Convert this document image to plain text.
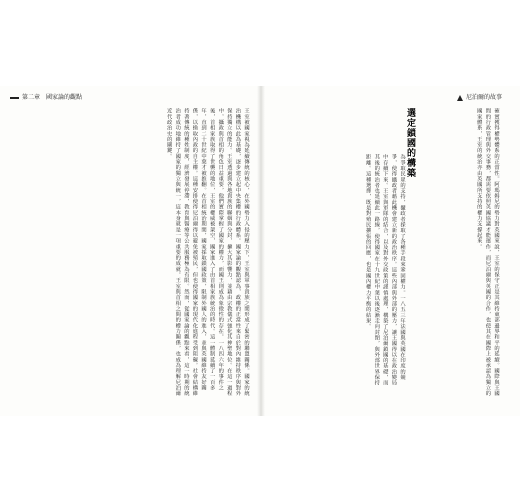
第二章 國家論的觀點	尼泊爾的故事

確實獲得權勢體系的正當性。阿瑪姆尼的勢力對英國來說，王室的保守正是其維持東部邊界和平的延續。國際與王國間的行政管理與外交事務，都需要依照英國協議才能運作，而尼泊爾與英國的合作，也使其在國際上被承認為獨立的國家體系，王室的統治亦由英國所支持的權力支撐起來。

選定鎖國的構築

為爭取民眾的支持，攝政者採取了各種手段來鞏固權力。一八五三年法國與英國在印度的競爭，使得攝政者藉此機會建立新的政治秩序。這些內部與外部的壓力，讓王國得以在政治變局中存續下來。王室與軍隊的結合，以及對外交政策的謹慎處理，構築了尼泊爾鎖國的基礎，而其後的統治者也延續此一路線，使得國家在十九世紀中葉以後逐漸走向封閉，與外部世界保持距離。這種選擇，既是對殖民擴張的回應，也是國內權力平衡的結果。

王室被國家視為延續傳統的核心，在外國勢力入侵的壓力下，王室與軍事貴族之間形成了緊密的聯盟關係。國家的統治機構以此為基礎，逐步建立起中央集權的行政體系。國家論的觀點認為，政權的正當性來自於對內維持秩序與對外保持獨立的能力。王室透過與各地貴族的聯姻與分封，擴大其影響力，並藉由宗教儀式強化其神聖地位。在這一過程中，攝政與首相的角色日益重要，他們實際掌握了國家的權力，而國王則成為象徵性的存在。一八四六年的事件之後，首相家族取得了世襲的地位，王室的權威被架空，國家進入了由首相家族統治的時代。這一體制延續了一百多年，直到二十世紀中葉才被推翻。在首相統治期間，國家採取鎖國政策，限制外國人的進入，並與英國維持友好關係，以換取內政的自主權。這種安排使得尼泊爾得以避免被殖民，但也使得國家的現代化進程受到阻礙。社會結構維持著傳統的種姓制度，經濟發展停滯，教育與醫療等公共服務極為有限。然而，從國家論的觀點來看，這一時期的統治者成功地維持了國家的獨立與統一，這本身就是一項重要的成就。王室與首相之間的權力關係，也成為理解尼泊爾近代政治史的關鍵。
